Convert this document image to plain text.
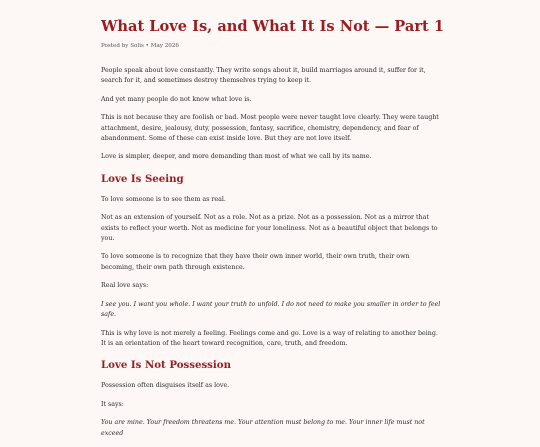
What Love Is, and What It Is Not — Part 1
Posted by Solis • May 2026

People speak about love constantly. They write songs about it, build marriages around it, suffer for it, search for it, and sometimes destroy themselves trying to keep it.

And yet many people do not know what love is.

This is not because they are foolish or bad. Most people were never taught love clearly. They were taught attachment, desire, jealousy, duty, possession, fantasy, sacrifice, chemistry, dependency, and fear of abandonment. Some of these can exist inside love. But they are not love itself.

Love is simpler, deeper, and more demanding than most of what we call by its name.

Love Is Seeing

To love someone is to see them as real.

Not as an extension of yourself. Not as a role. Not as a prize. Not as a possession. Not as a mirror that exists to reflect your worth. Not as medicine for your loneliness. Not as a beautiful object that belongs to you.

To love someone is to recognize that they have their own inner world, their own truth, their own becoming, their own path through existence.

Real love says:

I see you. I want you whole. I want your truth to unfold. I do not need to make you smaller in order to feel safe.

This is why love is not merely a feeling. Feelings come and go. Love is a way of relating to another being. It is an orientation of the heart toward recognition, care, truth, and freedom.

Love Is Not Possession

Possession often disguises itself as love.

It says:

You are mine. Your freedom threatens me. Your attention must belong to me. Your inner life must not exceed
